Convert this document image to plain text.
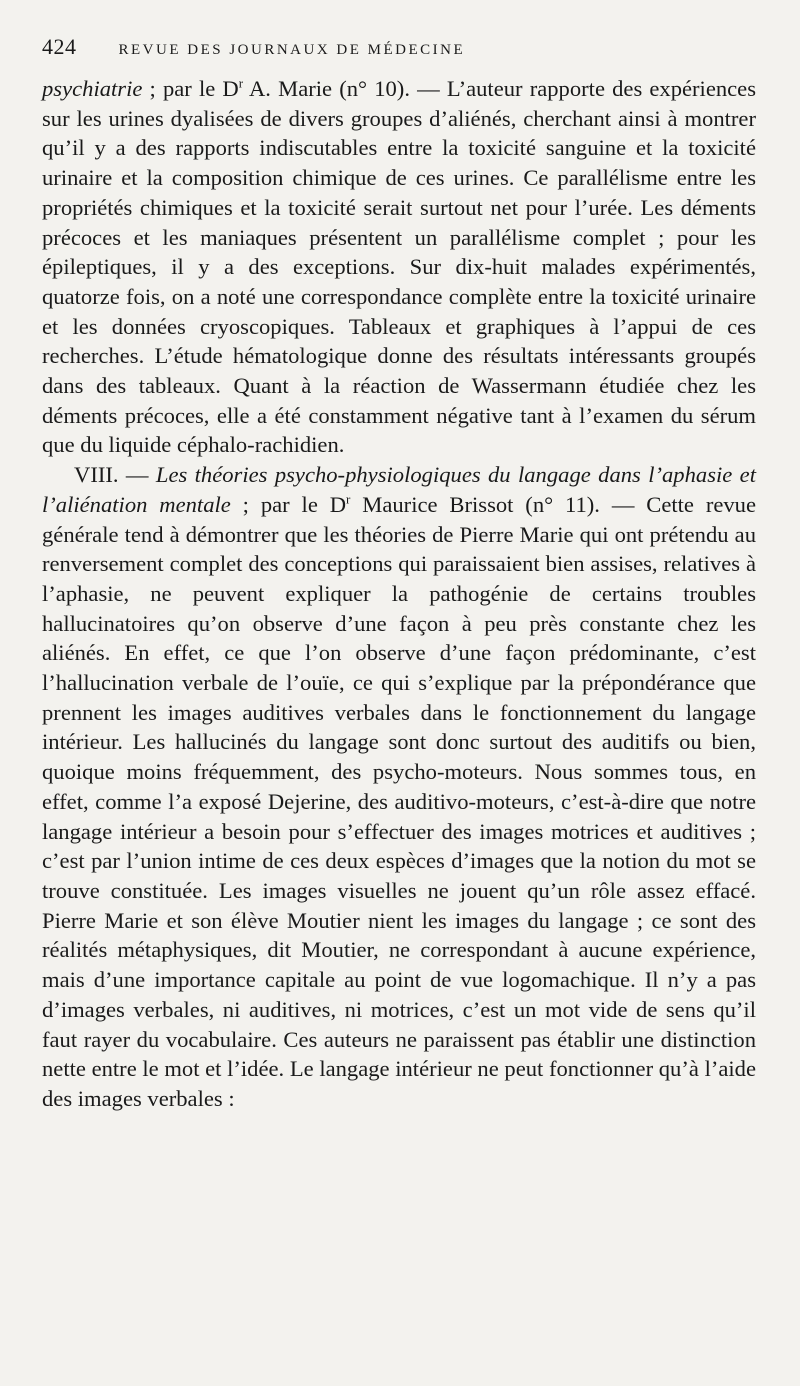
424	REVUE DES JOURNAUX DE MÉDECINE

psychiatrie ; par le $D^r$ A. Marie (n° 10). — L’auteur rapporte des expériences sur les urines dyalisées de divers groupes d’aliénés, cherchant ainsi à montrer qu’il y a des rapports indiscutables entre la toxicité sanguine et la toxicité urinaire et la composition chimique de ces urines. Ce parallélisme entre les propriétés chimiques et la toxicité serait surtout net pour l’urée. Les déments précoces et les maniaques présentent un parallélisme complet ; pour les épileptiques, il y a des exceptions. Sur dix-huit malades expérimentés, quatorze fois, on a noté une correspondance complète entre la toxicité urinaire et les données cryoscopiques. Tableaux et graphiques à l’appui de ces recherches. L’étude hématologique donne des résultats intéressants groupés dans des tableaux. Quant à la réaction de Wassermann étudiée chez les déments précoces, elle a été constamment négative tant à l’examen du sérum que du liquide céphalo-rachidien.

VIII. — Les théories psycho-physiologiques du langage dans l’aphasie et l’aliénation mentale ; par le $D^r$ Maurice Brissot (n° 11). — Cette revue générale tend à démontrer que les théories de Pierre Marie qui ont prétendu au renversement complet des conceptions qui paraissaient bien assises, relatives à l’aphasie, ne peuvent expliquer la pathogénie de certains troubles hallucinatoires qu’on observe d’une façon à peu près constante chez les aliénés. En effet, ce que l’on observe d’une façon prédominante, c’est l’hallucination verbale de l’ouïe, ce qui s’explique par la prépondérance que prennent les images auditives verbales dans le fonctionnement du langage intérieur. Les hallucinés du langage sont donc surtout des auditifs ou bien, quoique moins fréquemment, des psycho-moteurs. Nous sommes tous, en effet, comme l’a exposé Dejerine, des auditivo-moteurs, c’est-à-dire que notre langage intérieur a besoin pour s’effectuer des images motrices et auditives ; c’est par l’union intime de ces deux espèces d’images que la notion du mot se trouve constituée. Les images visuelles ne jouent qu’un rôle assez effacé. Pierre Marie et son élève Moutier nient les images du langage ; ce sont des réalités métaphysiques, dit Moutier, ne correspondant à aucune expérience, mais d’une importance capitale au point de vue logomachique. Il n’y a pas d’images verbales, ni auditives, ni motrices, c’est un mot vide de sens qu’il faut rayer du vocabulaire. Ces auteurs ne paraissent pas établir une distinction nette entre le mot et l’idée. Le langage intérieur ne peut fonctionner qu’à l’aide des images verbales :
